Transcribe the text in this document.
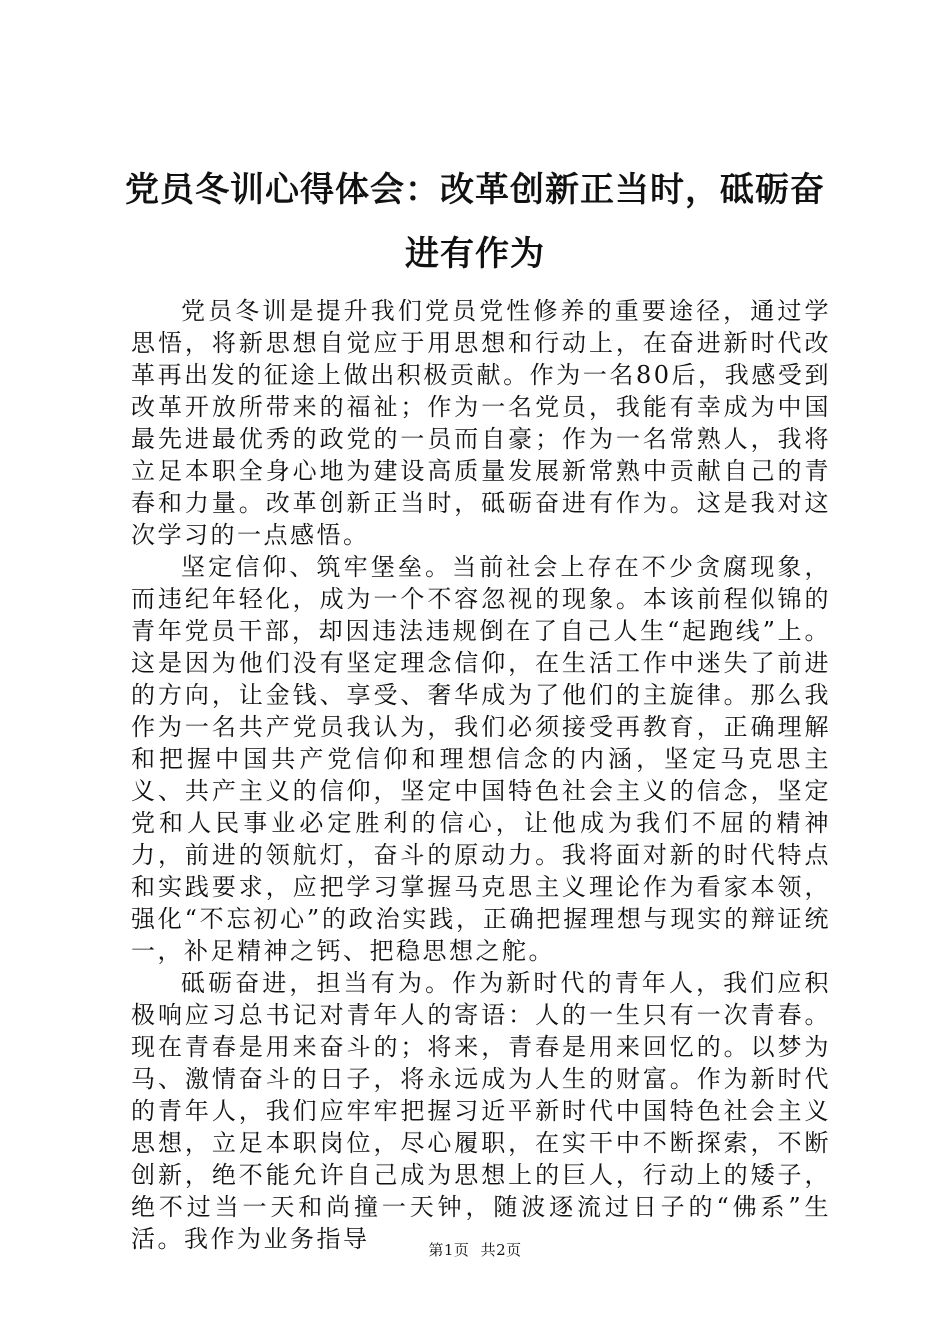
党员冬训心得体会：改革创新正当时，砥砺奋进有作为

党员冬训是提升我们党员党性修养的重要途径，通过学思悟，将新思想自觉应于用思想和行动上，在奋进新时代改革再出发的征途上做出积极贡献。作为一名80后，我感受到改革开放所带来的福祉；作为一名党员，我能有幸成为中国最先进最优秀的政党的一员而自豪；作为一名常熟人，我将立足本职全身心地为建设高质量发展新常熟中贡献自己的青春和力量。改革创新正当时，砥砺奋进有作为。这是我对这次学习的一点感悟。

坚定信仰、筑牢堡垒。当前社会上存在不少贪腐现象，而违纪年轻化，成为一个不容忽视的现象。本该前程似锦的青年党员干部，却因违法违规倒在了自己人生“起跑线”上。这是因为他们没有坚定理念信仰，在生活工作中迷失了前进的方向，让金钱、享受、奢华成为了他们的主旋律。那么我作为一名共产党员我认为，我们必须接受再教育，正确理解和把握中国共产党信仰和理想信念的内涵，坚定马克思主义、共产主义的信仰，坚定中国特色社会主义的信念，坚定党和人民事业必定胜利的信心，让他成为我们不屈的精神力，前进的领航灯，奋斗的原动力。我将面对新的时代特点和实践要求，应把学习掌握马克思主义理论作为看家本领，强化“不忘初心”的政治实践，正确把握理想与现实的辩证统一，补足精神之钙、把稳思想之舵。

砥砺奋进，担当有为。作为新时代的青年人，我们应积极响应习总书记对青年人的寄语：人的一生只有一次青春。现在青春是用来奋斗的；将来，青春是用来回忆的。以梦为马、激情奋斗的日子，将永远成为人生的财富。作为新时代的青年人，我们应牢牢把握习近平新时代中国特色社会主义思想，立足本职岗位，尽心履职，在实干中不断探索，不断创新，绝不能允许自己成为思想上的巨人，行动上的矮子，绝不过当一天和尚撞一天钟，随波逐流过日子的“佛系”生活。我作为业务指导	第1页 共2页
